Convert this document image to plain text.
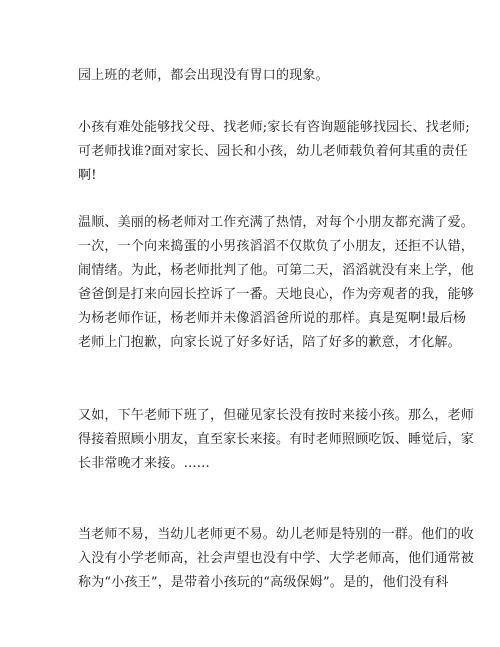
园上班的老师，都会出现没有胃口的现象。

小孩有难处能够找父母、找老师;家长有咨询题能够找园长、找老师;
可老师找谁?面对家长、园长和小孩，幼儿老师载负着何其重的责任
啊!

温顺、美丽的杨老师对工作充满了热情，对每个小朋友都充满了爱。
一次，一个向来捣蛋的小男孩滔滔不仅欺负了小朋友，还拒不认错，
闹情绪。为此，杨老师批判了他。可第二天，滔滔就没有来上学，他
爸爸倒是打来向园长控诉了一番。天地良心，作为旁观者的我，能够
为杨老师作证，杨老师并未像滔滔爸所说的那样。真是冤啊!最后杨
老师上门抱歉，向家长说了好多好话，陪了好多的歉意，才化解。

又如，下午老师下班了，但碰见家长没有按时来接小孩。那么，老师
得接着照顾小朋友，直至家长来接。有时老师照顾吃饭、睡觉后，家
长非常晚才来接。……

当老师不易，当幼儿老师更不易。幼儿老师是特别的一群。他们的收
入没有小学老师高，社会声望也没有中学、大学老师高，他们通常被
称为“小孩王”，是带着小孩玩的“高级保姆”。是的，他们没有科
